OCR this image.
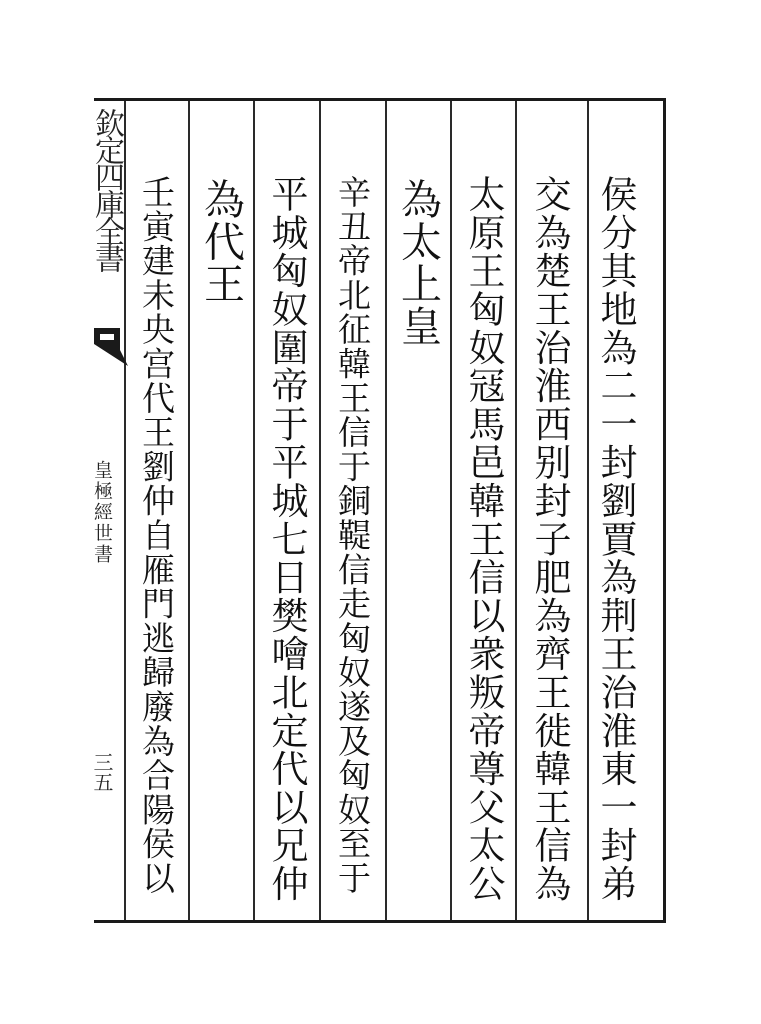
欽定四庫全書
皇極經世書
三五	侯分其地為二一封劉賈為荆王治淮東一封弟
交為楚王治淮西别封子肥為齊王徙韓王信為
太原王匈奴冦馬邑韓王信以衆叛帝尊父太公
為太上皇
辛丑帝北征韓王信于銅鞮信走匈奴遂及匈奴至于
平城匈奴圍帝于平城七日樊噲北定代以兄仲
為代王
壬寅建未央宫代王劉仲自雁門逃歸廢為合陽侯以
